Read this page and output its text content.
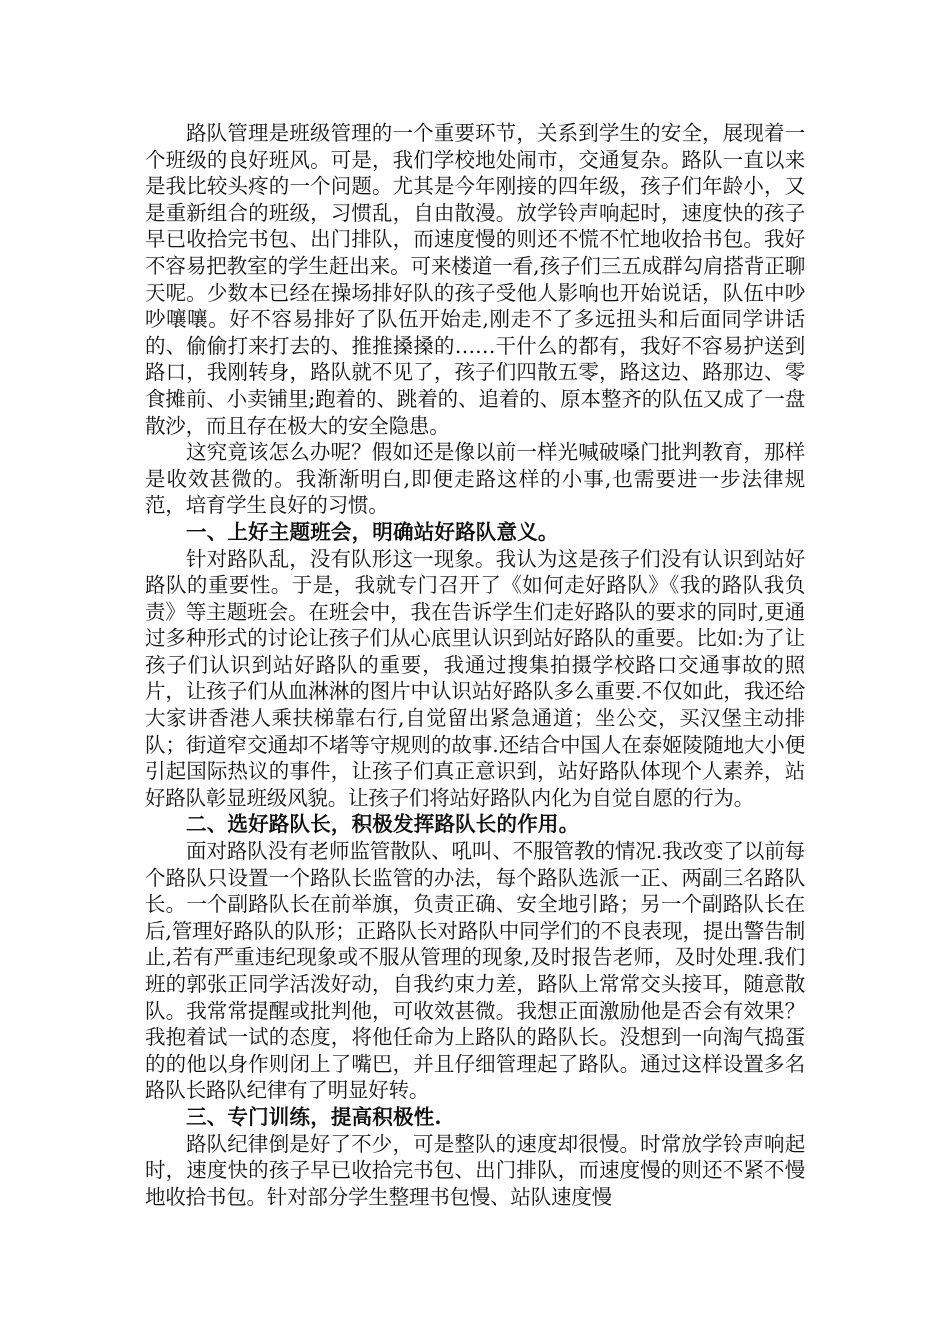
路队管理是班级管理的一个重要环节，关系到学生的安全，展现着一个班级的良好班风。可是，我们学校地处闹市，交通复杂。路队一直以来是我比较头疼的一个问题。尤其是今年刚接的四年级，孩子们年龄小，又是重新组合的班级，习惯乱，自由散漫。放学铃声响起时，速度快的孩子早已收拾完书包、出门排队，而速度慢的则还不慌不忙地收拾书包。我好不容易把教室的学生赶出来。可来楼道一看,孩子们三五成群勾肩搭背正聊天呢。少数本已经在操场排好队的孩子受他人影响也开始说话，队伍中吵吵嚷嚷。好不容易排好了队伍开始走,刚走不了多远扭头和后面同学讲话的、偷偷打来打去的、推推搡搡的……干什么的都有，我好不容易护送到路口，我刚转身，路队就不见了，孩子们四散五零，路这边、路那边、零食摊前、小卖铺里;跑着的、跳着的、追着的、原本整齐的队伍又成了一盘散沙，而且存在极大的安全隐患。

这究竟该怎么办呢？假如还是像以前一样光喊破嗓门批判教育，那样是收效甚微的。我渐渐明白,即便走路这样的小事,也需要进一步法律规范，培育学生良好的习惯。

一、上好主题班会，明确站好路队意义。

针对路队乱，没有队形这一现象。我认为这是孩子们没有认识到站好路队的重要性。于是，我就专门召开了《如何走好路队》《我的路队我负责》等主题班会。在班会中，我在告诉学生们走好路队的要求的同时,更通过多种形式的讨论让孩子们从心底里认识到站好路队的重要。比如:为了让孩子们认识到站好路队的重要，我通过搜集拍摄学校路口交通事故的照片，让孩子们从血淋淋的图片中认识站好路队多么重要.不仅如此，我还给大家讲香港人乘扶梯靠右行,自觉留出紧急通道；坐公交，买汉堡主动排队；街道窄交通却不堵等守规则的故事.还结合中国人在泰姬陵随地大小便引起国际热议的事件，让孩子们真正意识到，站好路队体现个人素养，站好路队彰显班级风貌。让孩子们将站好路队内化为自觉自愿的行为。

二、选好路队长，积极发挥路队长的作用。

面对路队没有老师监管散队、吼叫、不服管教的情况.我改变了以前每个路队只设置一个路队长监管的办法，每个路队选派一正、两副三名路队长。一个副路队长在前举旗，负责正确、安全地引路；另一个副路队长在后,管理好路队的队形；正路队长对路队中同学们的不良表现，提出警告制止,若有严重违纪现象或不服从管理的现象,及时报告老师，及时处理.我们班的郭张正同学活泼好动，自我约束力差，路队上常常交头接耳，随意散队。我常常提醒或批判他，可收效甚微。我想正面激励他是否会有效果？我抱着试一试的态度，将他任命为上路队的路队长。没想到一向淘气捣蛋的的他以身作则闭上了嘴巴，并且仔细管理起了路队。通过这样设置多名路队长路队纪律有了明显好转。

三、专门训练，提高积极性.

路队纪律倒是好了不少，可是整队的速度却很慢。时常放学铃声响起时，速度快的孩子早已收拾完书包、出门排队，而速度慢的则还不紧不慢地收拾书包。针对部分学生整理书包慢、站队速度慢
